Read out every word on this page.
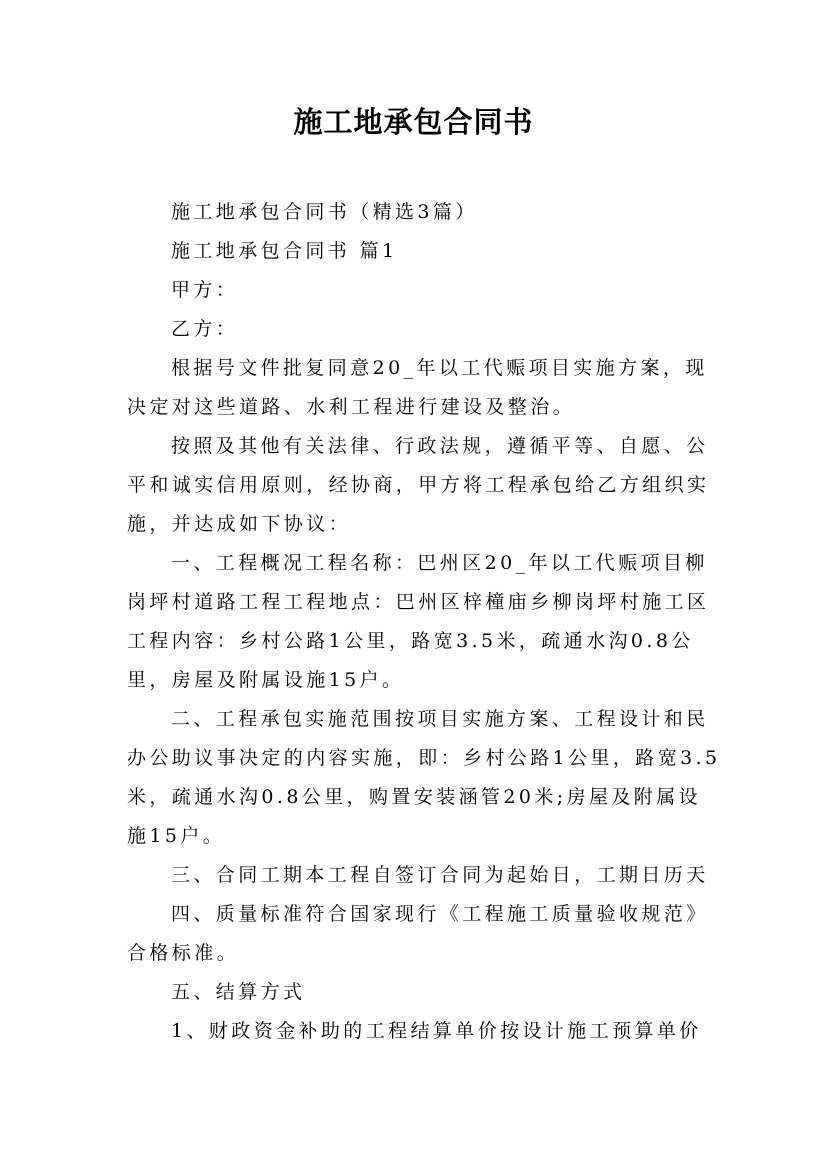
施工地承包合同书
施工地承包合同书（精选3篇）
施工地承包合同书 篇1
甲方：
乙方：
根据号文件批复同意20_年以工代赈项目实施方案，现
决定对这些道路、水利工程进行建设及整治。
按照及其他有关法律、行政法规，遵循平等、自愿、公
平和诚实信用原则，经协商，甲方将工程承包给乙方组织实
施，并达成如下协议：
一、工程概况工程名称：巴州区20_年以工代赈项目柳
岗坪村道路工程工程地点：巴州区梓橦庙乡柳岗坪村施工区
工程内容：乡村公路1公里，路宽3.5米，疏通水沟0.8公
里，房屋及附属设施15户。
二、工程承包实施范围按项目实施方案、工程设计和民
办公助议事决定的内容实施，即：乡村公路1公里，路宽3.5
米，疏通水沟0.8公里，购置安装涵管20米;房屋及附属设
施15户。
三、合同工期本工程自签订合同为起始日，工期日历天
四、质量标准符合国家现行《工程施工质量验收规范》
合格标准。
五、结算方式
1、财政资金补助的工程结算单价按设计施工预算单价
